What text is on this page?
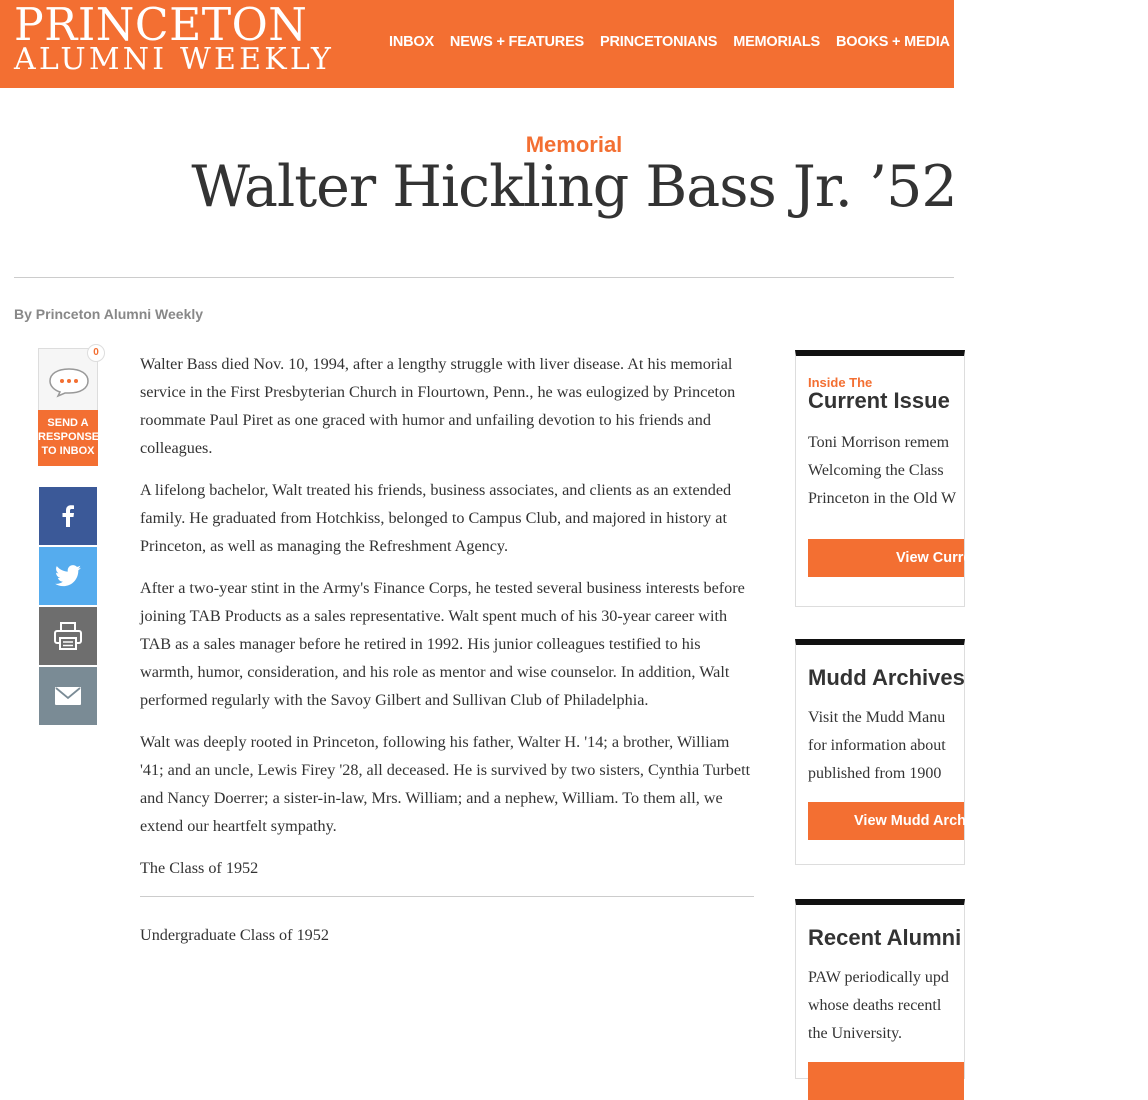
PRINCETON
ALUMNI WEEKLY	INBOX NEWS + FEATURES PRINCETONIANS MEMORIALS BOOKS + MEDIA ISSUES
Memorial
Walter Hickling Bass Jr. ’52
By Princeton Alumni Weekly
0
SEND A
RESPONSE
TO INBOX

Walter Bass died Nov. 10, 1994, after a lengthy struggle with liver disease. At his memorial service in the First Presbyterian Church in Flourtown, Penn., he was eulogized by Princeton roommate Paul Piret as one graced with humor and unfailing devotion to his friends and colleagues.

A lifelong bachelor, Walt treated his friends, business associates, and clients as an extended family. He graduated from Hotchkiss, belonged to Campus Club, and majored in history at Princeton, as well as managing the Refreshment Agency.

After a two-year stint in the Army's Finance Corps, he tested several business interests before joining TAB Products as a sales representative. Walt spent much of his 30-year career with TAB as a sales manager before he retired in 1992. His junior colleagues testified to his warmth, humor, consideration, and his role as mentor and wise counselor. In addition, Walt performed regularly with the Savoy Gilbert and Sullivan Club of Philadelphia.

Walt was deeply rooted in Princeton, following his father, Walter H. '14; a brother, William '41; and an uncle, Lewis Firey '28, all deceased. He is survived by two sisters, Cynthia Turbett and Nancy Doerrer; a sister-in-law, Mrs. William; and a nephew, William. To them all, we extend our heartfelt sympathy.

The Class of 1952

Undergraduate Class of 1952

Inside The
Current Issue
Toni Morrison remem
Welcoming the Class
Princeton in the Old W
View Current Issue
Mudd Archives
Visit the Mudd Manu
for information about
published from 1900
View Mudd Archives
Recent Alumni
PAW periodically upd
whose deaths recentl
the University.
